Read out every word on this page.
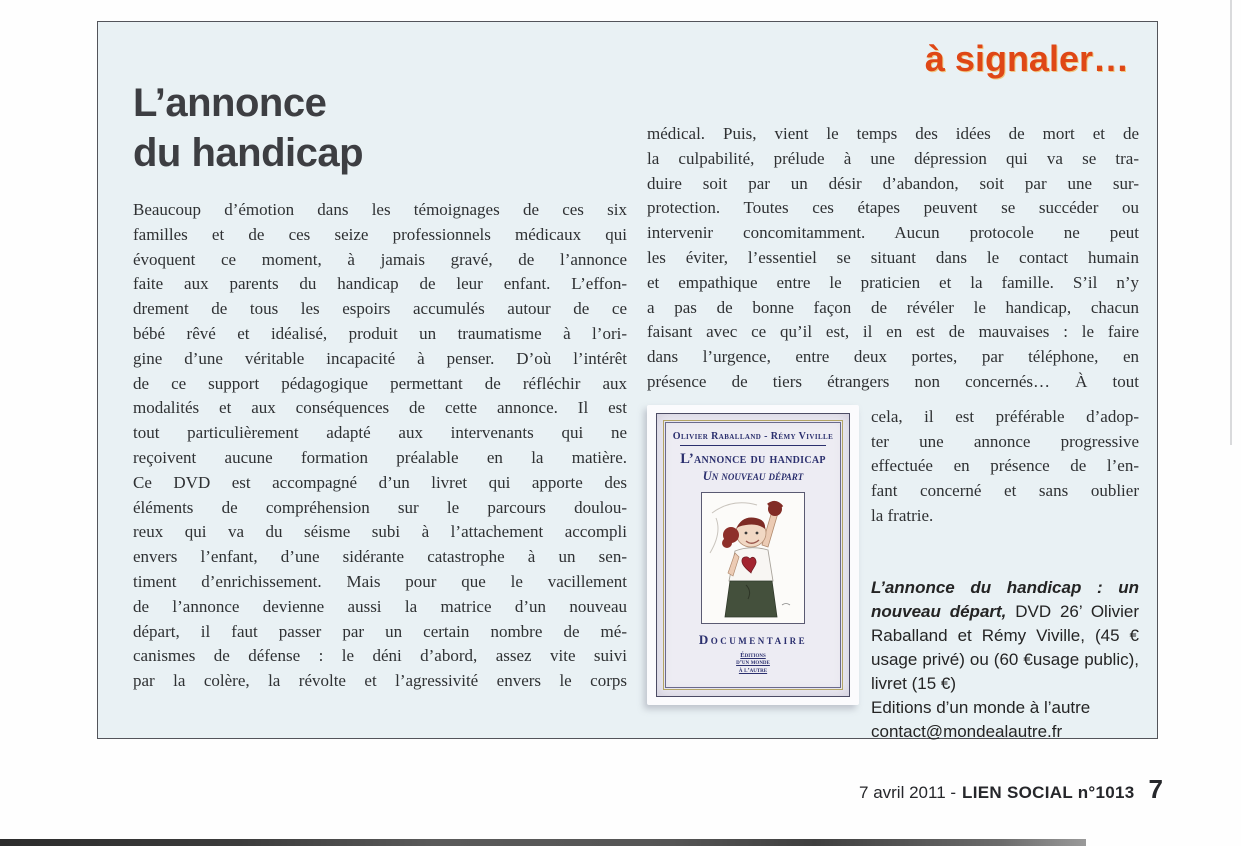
à signaler…
L’annonce
du handicap
Beaucoup d’émotion dans les témoignages de ces six
familles et de ces seize professionnels médicaux qui
évoquent ce moment, à jamais gravé, de l’annonce
faite aux parents du handicap de leur enfant. L’effon-
drement de tous les espoirs accumulés autour de ce
bébé rêvé et idéalisé, produit un traumatisme à l’ori-
gine d’une véritable incapacité à penser. D’où l’intérêt
de ce support pédagogique permettant de réfléchir aux
modalités et aux conséquences de cette annonce. Il est
tout particulièrement adapté aux intervenants qui ne
reçoivent aucune formation préalable en la matière.
Ce DVD est accompagné d’un livret qui apporte des
éléments de compréhension sur le parcours doulou-
reux qui va du séisme subi à l’attachement accompli
envers l’enfant, d’une sidérante catastrophe à un sen-
timent d’enrichissement. Mais pour que le vacillement
de l’annonce devienne aussi la matrice d’un nouveau
départ, il faut passer par un certain nombre de mé-
canismes de défense : le déni d’abord, assez vite suivi
par la colère, la révolte et l’agressivité envers le corps
médical. Puis, vient le temps des idées de mort et de
la culpabilité, prélude à une dépression qui va se tra-
duire soit par un désir d’abandon, soit par une sur-
protection. Toutes ces étapes peuvent se succéder ou
intervenir concomitamment. Aucun protocole ne peut
les éviter, l’essentiel se situant dans le contact humain
et empathique entre le praticien et la famille. S’il n’y
a pas de bonne façon de révéler le handicap, chacun
faisant avec ce qu’il est, il en est de mauvaises : le faire
dans l’urgence, entre deux portes, par téléphone, en
présence de tiers étrangers non concernés… À tout
Olivier Raballand - Rémy Viville
L’annonce du handicap
Un nouveau départ
Documentaire
Éditions
d’un monde
à l’autre
cela, il est préférable d’adop-
ter une annonce progressive
effectuée en présence de l’en-
fant concerné et sans oublier
la fratrie.

L’annonce du handicap : un nouveau départ, DVD 26’ Olivier Raballand et Rémy Viville, (45 € usage privé) ou (60 €usage public), livret (15 €)

Editions d’un monde à l’autre
contact@mondealautre.fr
7 avril 2011 - LIEN SOCIAL n°1013 7
